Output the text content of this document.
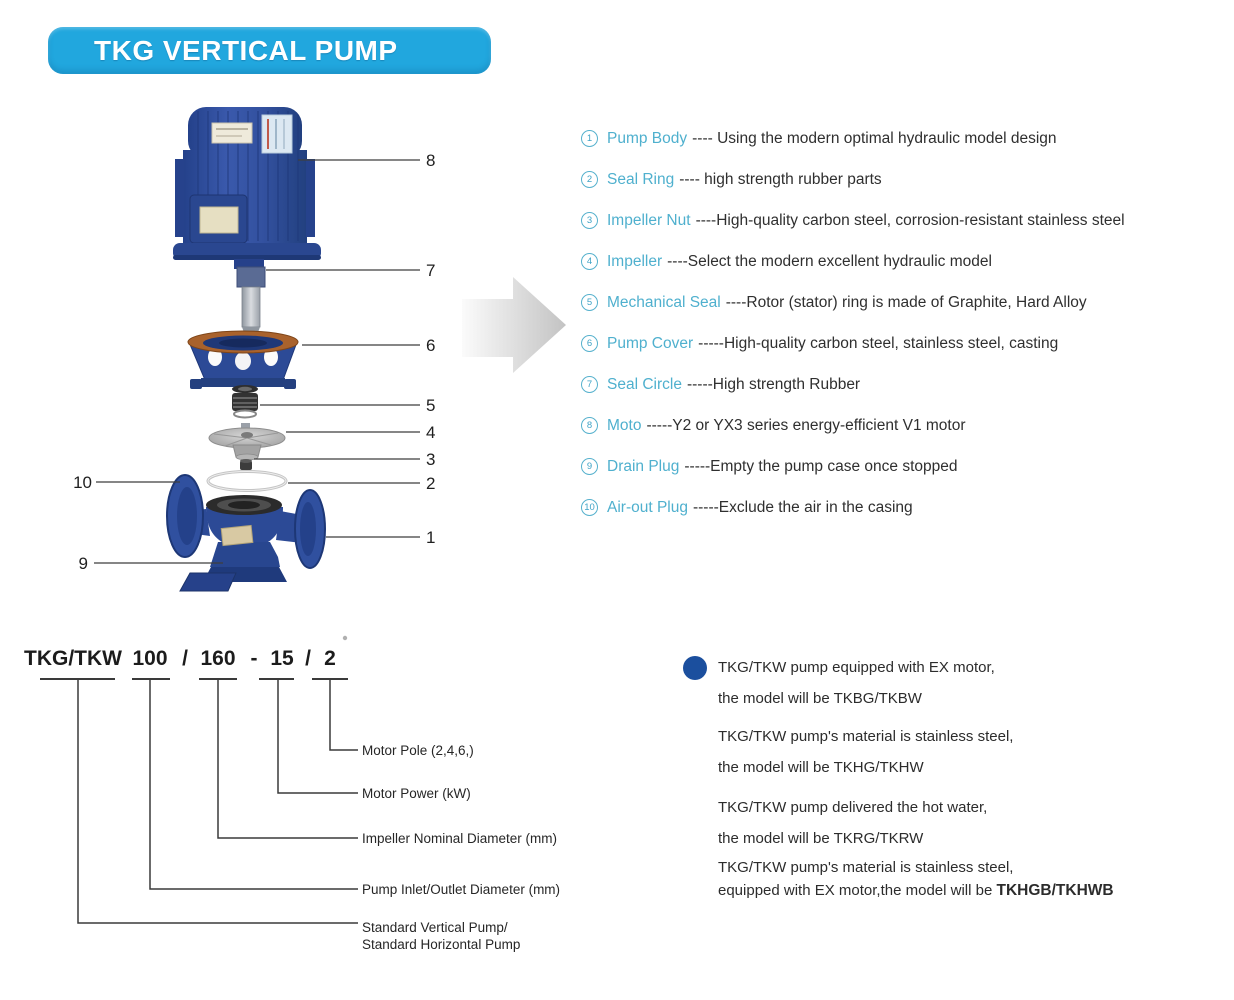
TKG VERTICAL PUMP
8
7
6
5
4
3
2
1
10
9
1 Pump Body ---- Using the modern optimal hydraulic model design
2 Seal Ring ---- high strength rubber parts
3 Impeller Nut ----High-quality carbon steel, corrosion-resistant stainless steel
4 Impeller ----Select the modern excellent hydraulic model
5 Mechanical Seal ----Rotor (stator) ring is made of Graphite, Hard Alloy
6 Pump Cover -----High-quality carbon steel, stainless steel, casting
7 Seal Circle -----High strength Rubber
8 Moto -----Y2 or YX3 series energy-efficient V1 motor
9 Drain Plug -----Empty the pump case once stopped
10 Air-out Plug -----Exclude the air in the casing
TKG/TKW 100 / 160 - 15 / 2
Motor Pole (2,4,6,)
Motor Power (kW)
Impeller Nominal Diameter (mm)
Pump Inlet/Outlet Diameter (mm)
Standard Vertical Pump/
Standard Horizontal Pump
TKG/TKW pump equipped with EX motor,
the model will be TKBG/TKBW
TKG/TKW pump's material is stainless steel,
the model will be TKHG/TKHW
TKG/TKW pump delivered the hot water,
the model will be TKRG/TKRW
TKG/TKW pump's material is stainless steel,
equipped with EX motor,the model will be TKHGB/TKHWB
